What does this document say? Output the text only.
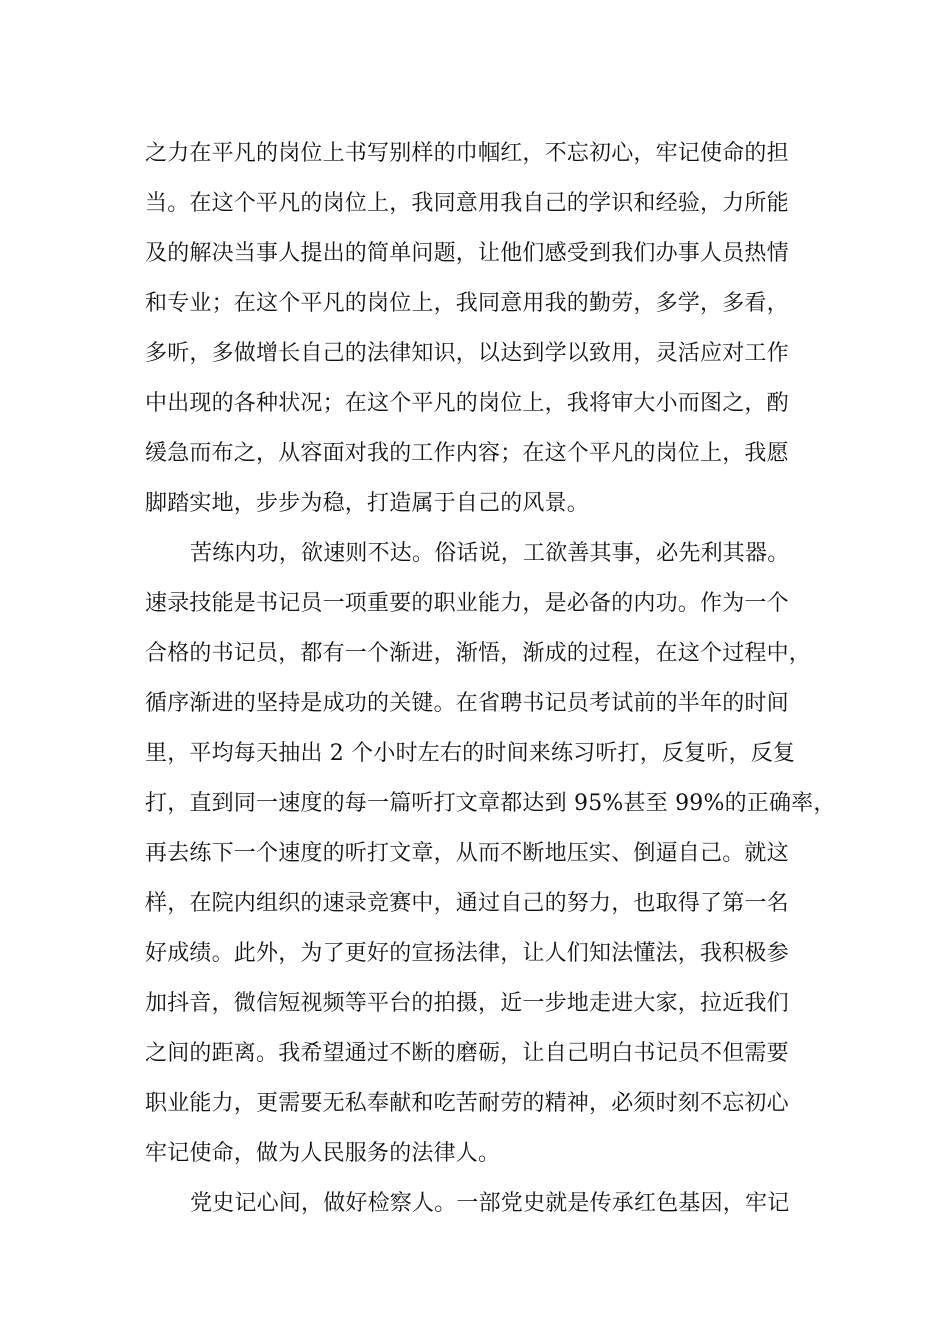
之力在平凡的岗位上书写别样的巾帼红，不忘初心，牢记使命的担

当。在这个平凡的岗位上，我同意用我自己的学识和经验，力所能

及的解决当事人提出的简单问题，让他们感受到我们办事人员热情

和专业；在这个平凡的岗位上，我同意用我的勤劳，多学，多看，

多听，多做增长自己的法律知识，以达到学以致用，灵活应对工作

中出现的各种状况；在这个平凡的岗位上，我将审大小而图之，酌

缓急而布之，从容面对我的工作内容；在这个平凡的岗位上，我愿

脚踏实地，步步为稳，打造属于自己的风景。

苦练内功，欲速则不达。俗话说，工欲善其事，必先利其器。

速录技能是书记员一项重要的职业能力，是必备的内功。作为一个

合格的书记员，都有一个渐进，渐悟，渐成的过程，在这个过程中，

循序渐进的坚持是成功的关键。在省聘书记员考试前的半年的时间

里，平均每天抽出 2 个小时左右的时间来练习听打，反复听，反复

打，直到同一速度的每一篇听打文章都达到 95%甚至 99%的正确率，

再去练下一个速度的听打文章，从而不断地压实、倒逼自己。就这

样，在院内组织的速录竞赛中，通过自己的努力，也取得了第一名

好成绩。此外，为了更好的宣扬法律，让人们知法懂法，我积极参

加抖音，微信短视频等平台的拍摄，近一步地走进大家，拉近我们

之间的距离。我希望通过不断的磨砺，让自己明白书记员不但需要

职业能力，更需要无私奉献和吃苦耐劳的精神，必须时刻不忘初心

牢记使命，做为人民服务的法律人。

党史记心间，做好检察人。一部党史就是传承红色基因，牢记
